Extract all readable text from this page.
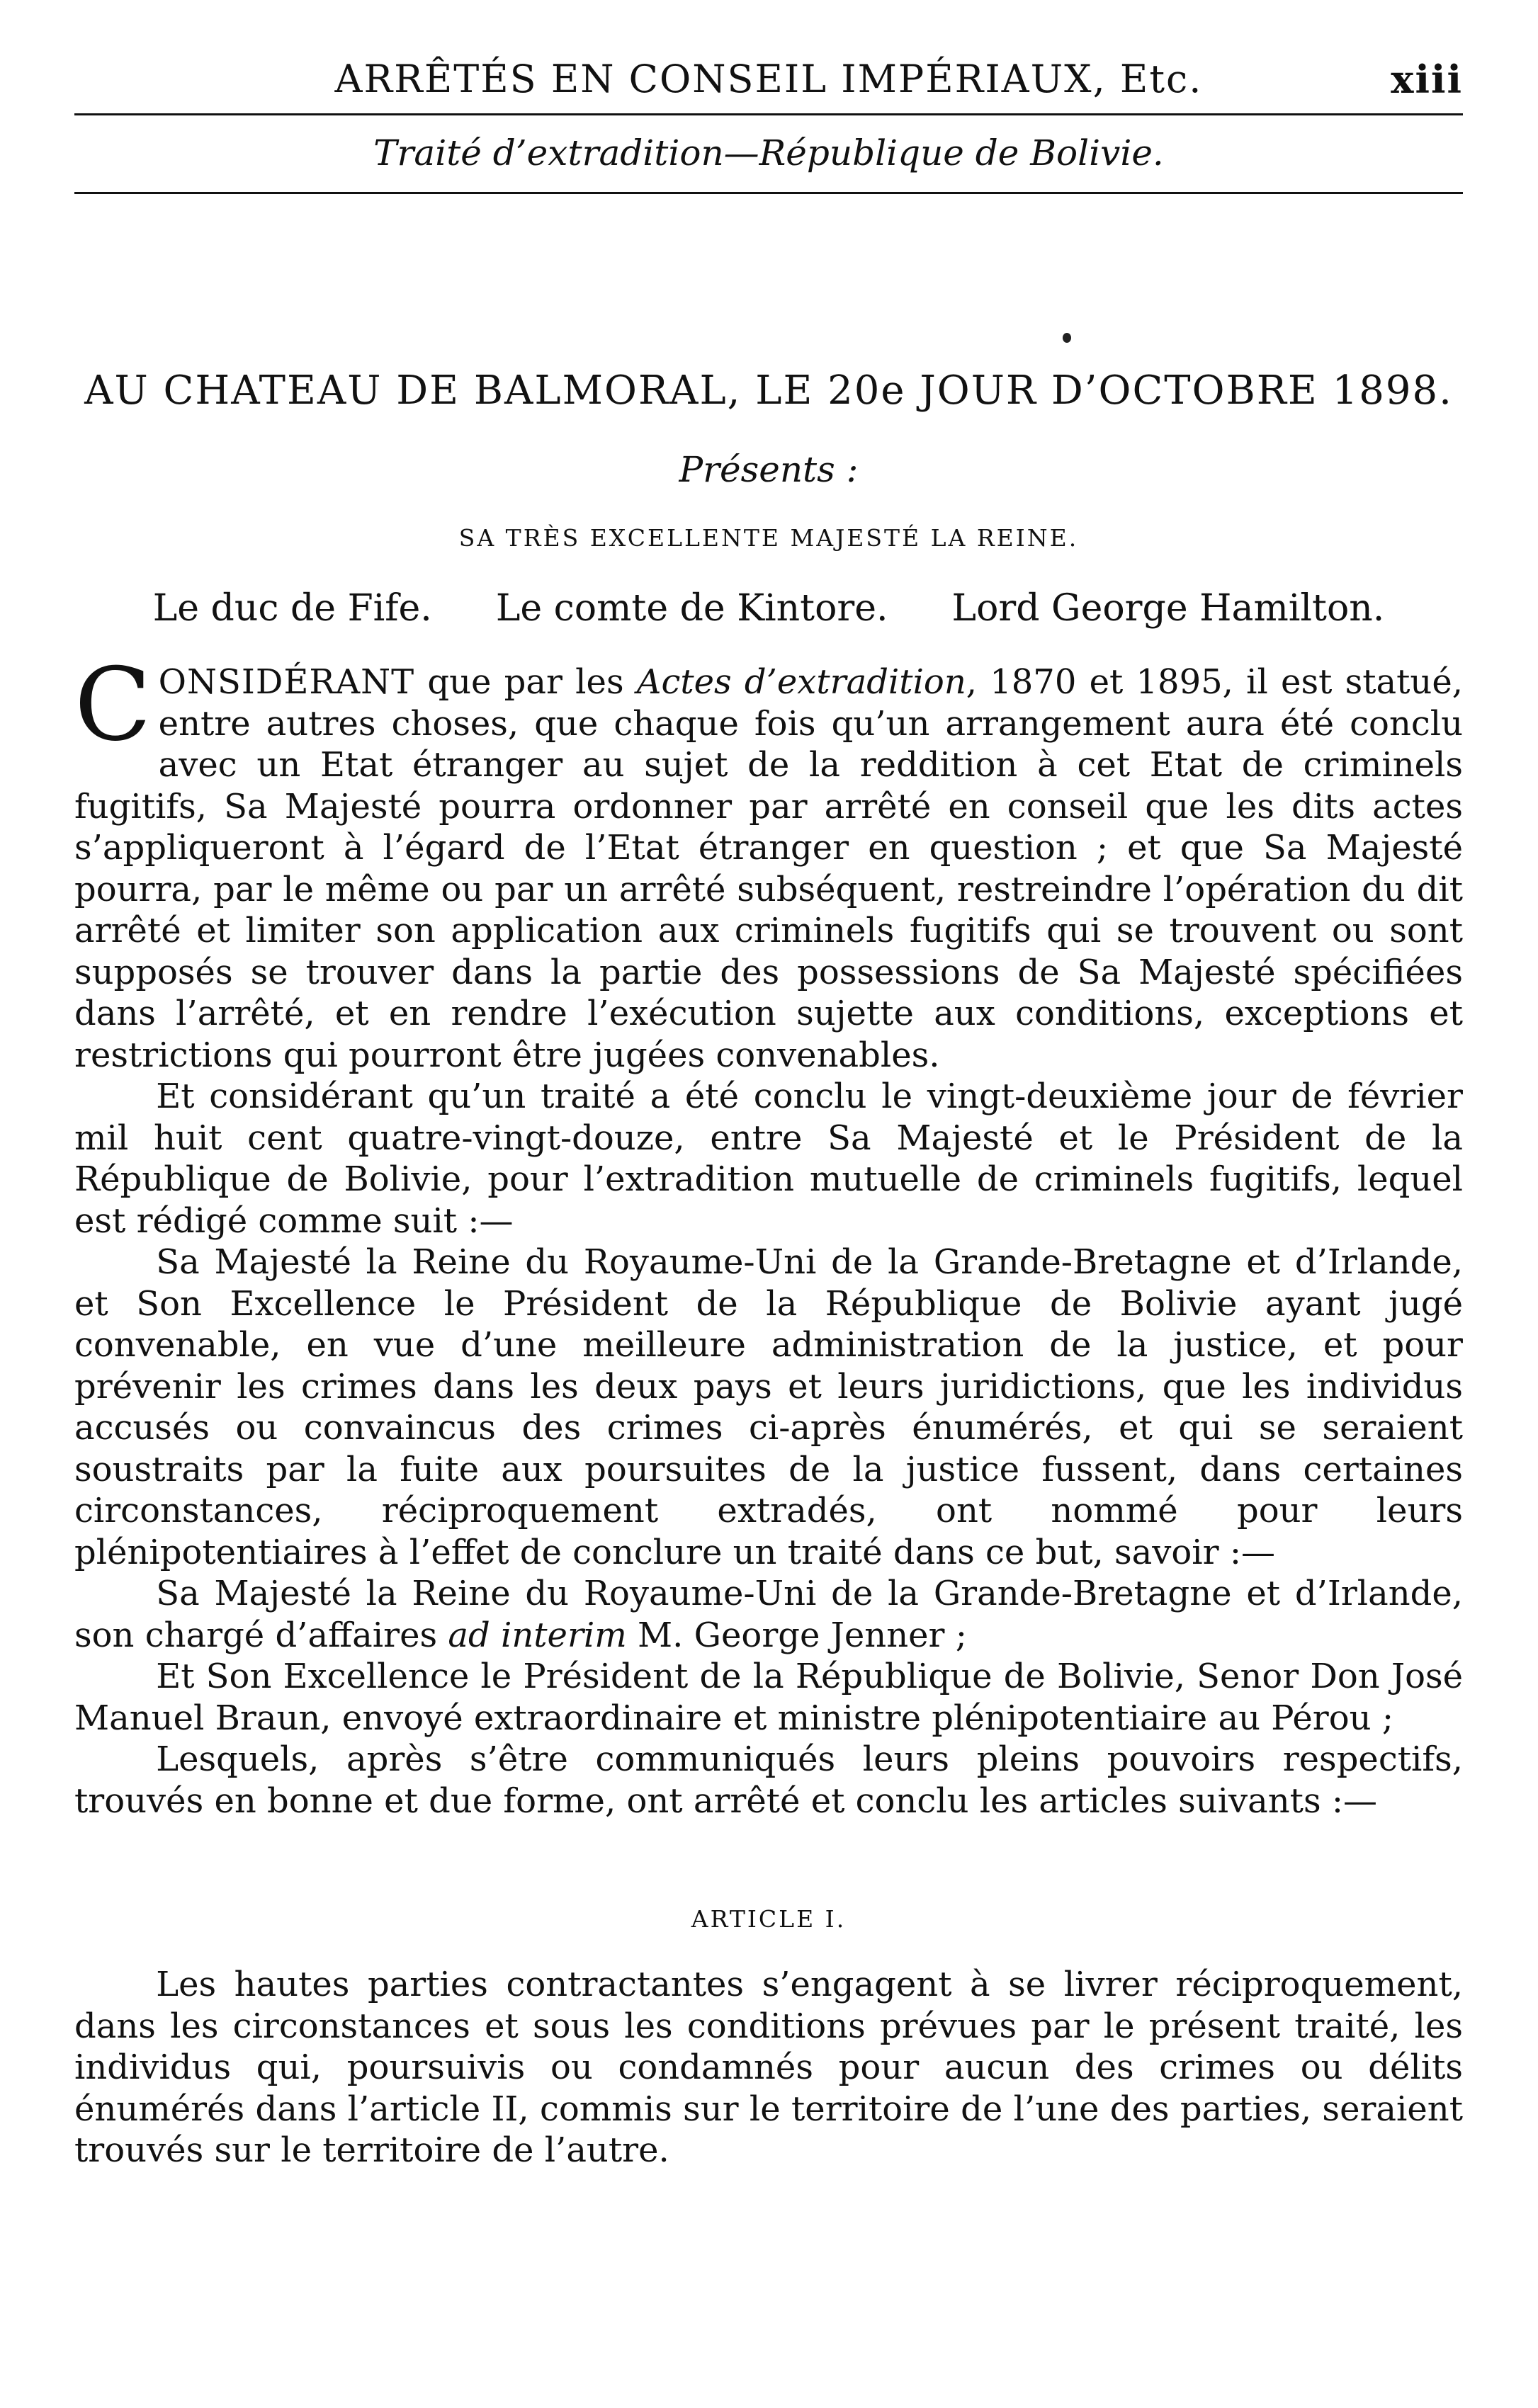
ARRÊTÉS EN CONSEIL IMPÉRIAUX, Etc.	xiii
Traité d’extradition—République de Bolivie.
AU CHATEAU DE BALMORAL, LE 20e JOUR D’OCTOBRE 1898.
Présents :
SA TRÈS EXCELLENTE MAJESTÉ LA REINE.
Le duc de Fife. Le comte de Kintore. Lord George Hamilton.

CONSIDÉRANT que par les Actes d’extradition, 1870 et 1895, il est statué, entre autres choses, que chaque fois qu’un arrangement aura été conclu avec un Etat étranger au sujet de la reddition à cet Etat de criminels fugitifs, Sa Majesté pourra ordonner par arrêté en conseil que les dits actes s’appliqueront à l’égard de l’Etat étranger en question ; et que Sa Majesté pourra, par le même ou par un arrêté subséquent, restreindre l’opération du dit arrêté et limiter son application aux criminels fugitifs qui se trouvent ou sont supposés se trouver dans la partie des possessions de Sa Majesté spécifiées dans l’arrêté, et en rendre l’exécution sujette aux conditions, exceptions et restrictions qui pourront être jugées convenables.

Et considérant qu’un traité a été conclu le vingt-deuxième jour de février mil huit cent quatre-vingt-douze, entre Sa Majesté et le Président de la République de Bolivie, pour l’extradition mutuelle de criminels fugitifs, lequel est rédigé comme suit :—

Sa Majesté la Reine du Royaume-Uni de la Grande-Bretagne et d’Irlande, et Son Excellence le Président de la République de Bolivie ayant jugé convenable, en vue d’une meilleure administration de la justice, et pour prévenir les crimes dans les deux pays et leurs juridictions, que les individus accusés ou convaincus des crimes ci-après énumérés, et qui se seraient soustraits par la fuite aux poursuites de la justice fussent, dans certaines circonstances, réciproquement extradés, ont nommé pour leurs plénipotentiaires à l’effet de conclure un traité dans ce but, savoir :—

Sa Majesté la Reine du Royaume-Uni de la Grande-Bretagne et d’Irlande, son chargé d’affaires ad interim M. George Jenner ;

Et Son Excellence le Président de la République de Bolivie, Senor Don José Manuel Braun, envoyé extraordinaire et ministre plénipotentiaire au Pérou ;

Lesquels, après s’être communiqués leurs pleins pouvoirs respectifs, trouvés en bonne et due forme, ont arrêté et conclu les articles suivants :—

ARTICLE I.

Les hautes parties contractantes s’engagent à se livrer réciproquement, dans les circonstances et sous les conditions prévues par le présent traité, les individus qui, poursuivis ou condamnés pour aucun des crimes ou délits énumérés dans l’article II, commis sur le territoire de l’une des parties, seraient trouvés sur le territoire de l’autre.
